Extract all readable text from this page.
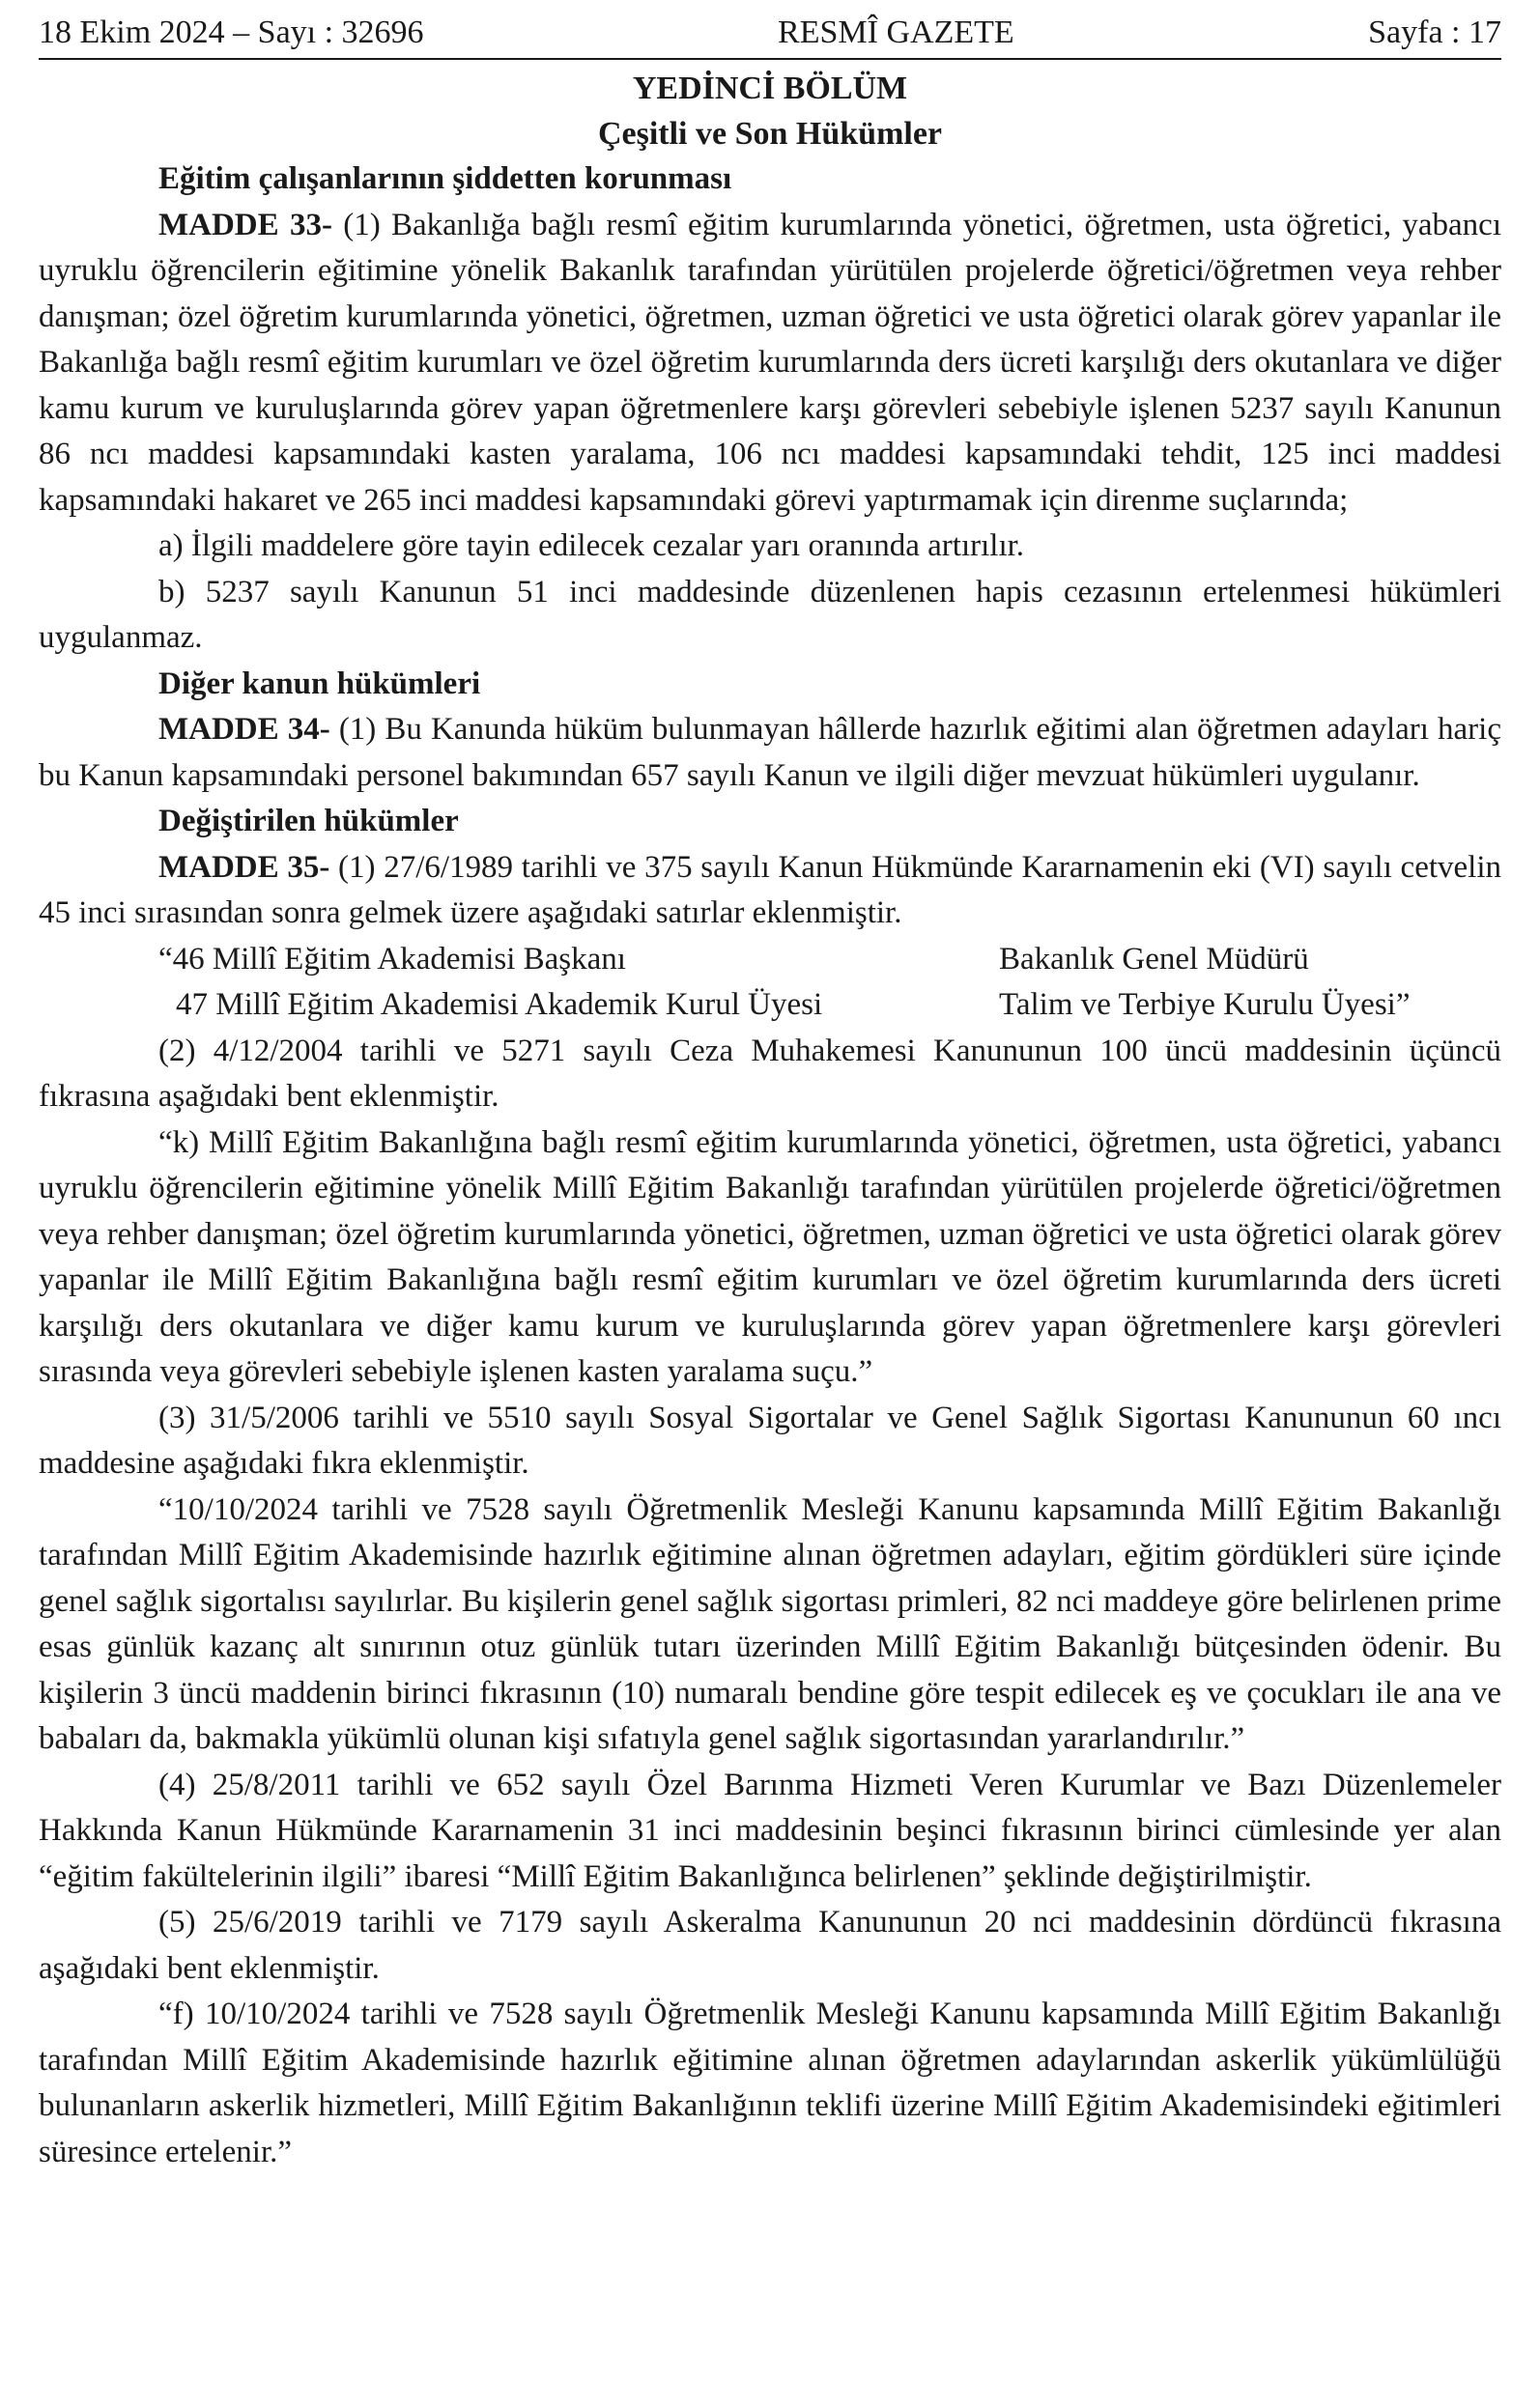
18 Ekim 2024 – Sayı : 32696	RESMÎ GAZETE	Sayfa : 17
YEDİNCİ BÖLÜM
Çeşitli ve Son Hükümler
Eğitim çalışanlarının şiddetten korunması

MADDE 33- (1) Bakanlığa bağlı resmî eğitim kurumlarında yönetici, öğretmen, usta öğretici, yabancı uyruklu öğrencilerin eğitimine yönelik Bakanlık tarafından yürütülen projelerde öğretici/öğretmen veya rehber danışman; özel öğretim kurumlarında yönetici, öğretmen, uzman öğretici ve usta öğretici olarak görev yapanlar ile Bakanlığa bağlı resmî eğitim kurumları ve özel öğretim kurumlarında ders ücreti karşılığı ders okutanlara ve diğer kamu kurum ve kuruluşlarında görev yapan öğretmenlere karşı görevleri sebebiyle işlenen 5237 sayılı Kanunun 86 ncı maddesi kapsamındaki kasten yaralama, 106 ncı maddesi kapsamındaki tehdit, 125 inci maddesi kapsamındaki hakaret ve 265 inci maddesi kapsamındaki görevi yaptırmamak için direnme suçlarında;

a) İlgili maddelere göre tayin edilecek cezalar yarı oranında artırılır.

b) 5237 sayılı Kanunun 51 inci maddesinde düzenlenen hapis cezasının ertelenmesi hükümleri uygulanmaz.

Diğer kanun hükümleri

MADDE 34- (1) Bu Kanunda hüküm bulunmayan hâllerde hazırlık eğitimi alan öğretmen adayları hariç bu Kanun kapsamındaki personel bakımından 657 sayılı Kanun ve ilgili diğer mevzuat hükümleri uygulanır.

Değiştirilen hükümler

MADDE 35- (1) 27/6/1989 tarihli ve 375 sayılı Kanun Hükmünde Kararnamenin eki (VI) sayılı cetvelin 45 inci sırasından sonra gelmek üzere aşağıdaki satırlar eklenmiştir.

“46 Millî Eğitim Akademisi Başkanı	Bakanlık Genel Müdürü
47 Millî Eğitim Akademisi Akademik Kurul Üyesi	Talim ve Terbiye Kurulu Üyesi”

(2) 4/12/2004 tarihli ve 5271 sayılı Ceza Muhakemesi Kanununun 100 üncü maddesinin üçüncü fıkrasına aşağıdaki bent eklenmiştir.

“k) Millî Eğitim Bakanlığına bağlı resmî eğitim kurumlarında yönetici, öğretmen, usta öğretici, yabancı uyruklu öğrencilerin eğitimine yönelik Millî Eğitim Bakanlığı tarafından yürütülen projelerde öğretici/öğretmen veya rehber danışman; özel öğretim kurumlarında yönetici, öğretmen, uzman öğretici ve usta öğretici olarak görev yapanlar ile Millî Eğitim Bakanlığına bağlı resmî eğitim kurumları ve özel öğretim kurumlarında ders ücreti karşılığı ders okutanlara ve diğer kamu kurum ve kuruluşlarında görev yapan öğretmenlere karşı görevleri sırasında veya görevleri sebebiyle işlenen kasten yaralama suçu.”

(3) 31/5/2006 tarihli ve 5510 sayılı Sosyal Sigortalar ve Genel Sağlık Sigortası Kanununun 60 ıncı maddesine aşağıdaki fıkra eklenmiştir.

“10/10/2024 tarihli ve 7528 sayılı Öğretmenlik Mesleği Kanunu kapsamında Millî Eğitim Bakanlığı tarafından Millî Eğitim Akademisinde hazırlık eğitimine alınan öğretmen adayları, eğitim gördükleri süre içinde genel sağlık sigortalısı sayılırlar. Bu kişilerin genel sağlık sigortası primleri, 82 nci maddeye göre belirlenen prime esas günlük kazanç alt sınırının otuz günlük tutarı üzerinden Millî Eğitim Bakanlığı bütçesinden ödenir. Bu kişilerin 3 üncü maddenin birinci fıkrasının (10) numaralı bendine göre tespit edilecek eş ve çocukları ile ana ve babaları da, bakmakla yükümlü olunan kişi sıfatıyla genel sağlık sigortasından yararlandırılır.”

(4) 25/8/2011 tarihli ve 652 sayılı Özel Barınma Hizmeti Veren Kurumlar ve Bazı Düzenlemeler Hakkında Kanun Hükmünde Kararnamenin 31 inci maddesinin beşinci fıkrasının birinci cümlesinde yer alan “eğitim fakültelerinin ilgili” ibaresi “Millî Eğitim Bakanlığınca belirlenen” şeklinde değiştirilmiştir.

(5) 25/6/2019 tarihli ve 7179 sayılı Askeralma Kanununun 20 nci maddesinin dördüncü fıkrasına aşağıdaki bent eklenmiştir.

“f) 10/10/2024 tarihli ve 7528 sayılı Öğretmenlik Mesleği Kanunu kapsamında Millî Eğitim Bakanlığı tarafından Millî Eğitim Akademisinde hazırlık eğitimine alınan öğretmen adaylarından askerlik yükümlülüğü bulunanların askerlik hizmetleri, Millî Eğitim Bakanlığının teklifi üzerine Millî Eğitim Akademisindeki eğitimleri süresince ertelenir.”
